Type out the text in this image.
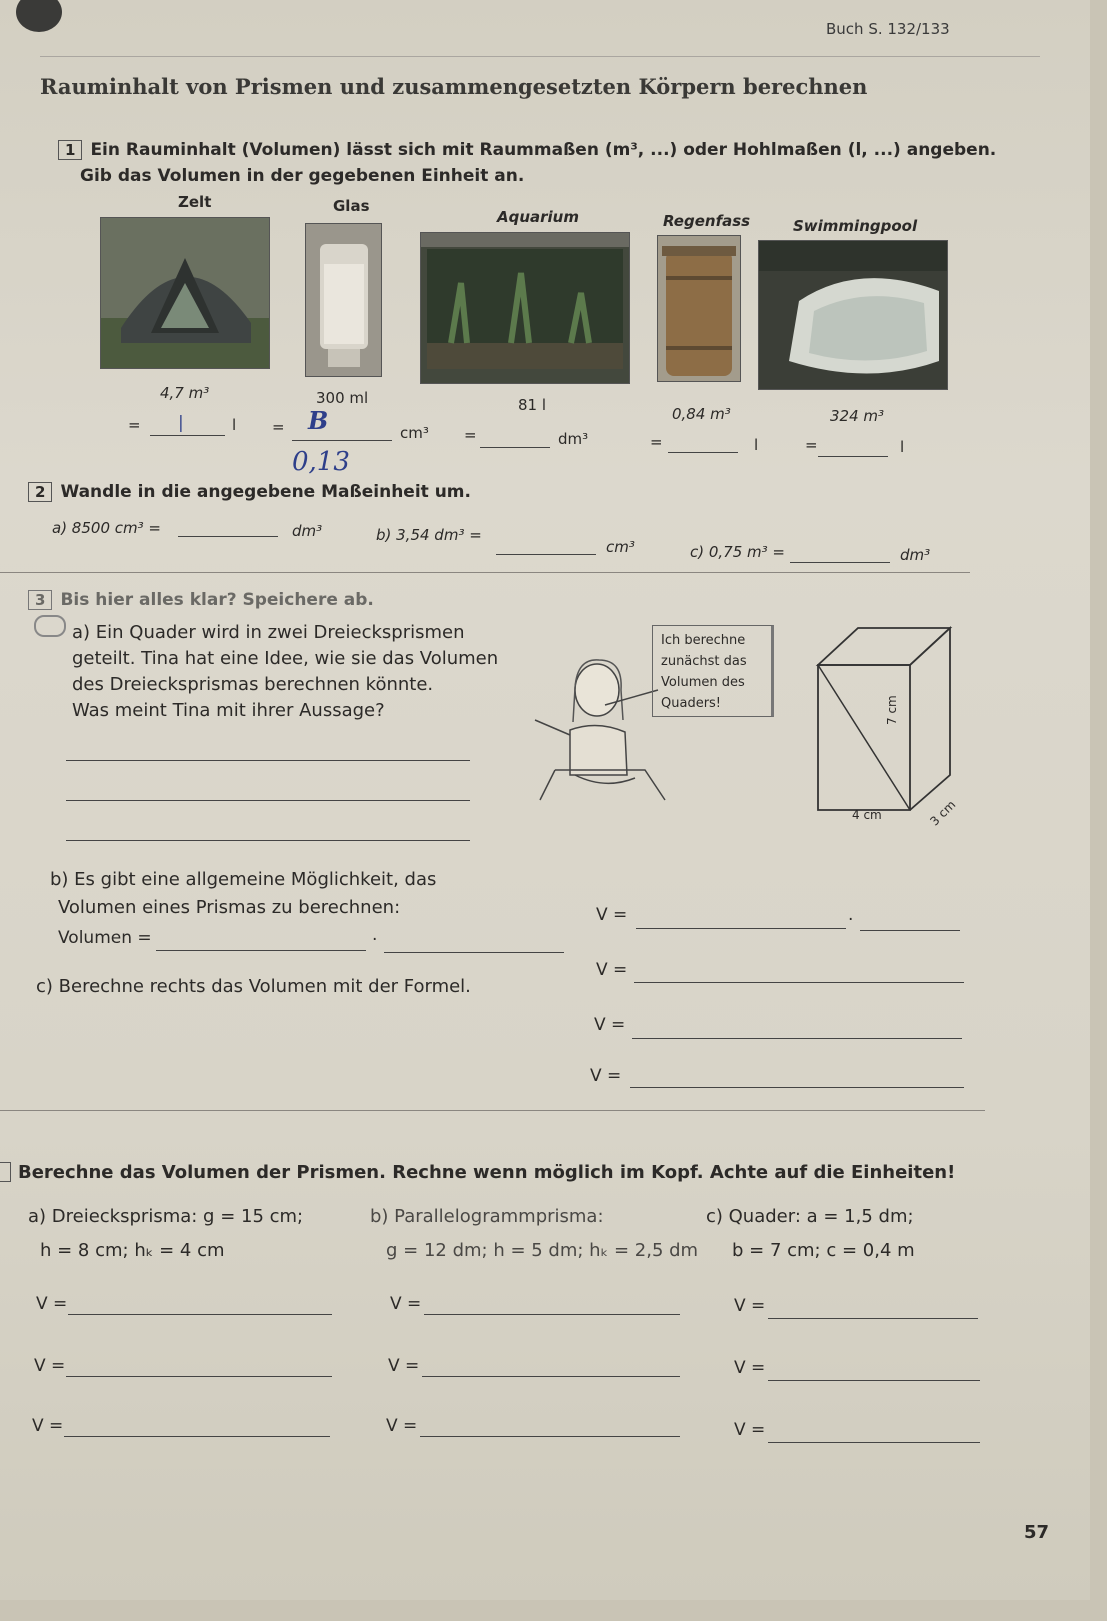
Buch S. 132/133
Rauminhalt von Prismen und zusammengesetzten Körpern berechnen
1 Ein Rauminhalt (Volumen) lässt sich mit Raummaßen (m³, ...) oder Hohlmaßen (l, ...) angeben.
Gib das Volumen in der gegebenen Einheit an.
Zelt	Glas
Aquarium	Regenfass	Swimmingpool
4,7 m³	300 ml	81 l	0,84 m³	324 m³
= |	l = B	cm³ =	dm³	=	l	=	l
0,13
2 Wandle in die angegebene Maßeinheit um.
a) 8500 cm³ =	dm³	b) 3,54 dm³ =
cm³	c) 0,75 m³ =	dm³
3 Bis hier alles klar? Speichere ab.
a) Ein Quader wird in zwei Dreiecksprismen
geteilt. Tina hat eine Idee, wie sie das Volumen
des Dreiecksprismas berechnen könnte.
Was meint Tina mit ihrer Aussage?
Ich berechne
zunächst das
Volumen des
Quaders!	7 cm
4 cm	3 cm
b) Es gibt eine allgemeine Möglichkeit, das
Volumen eines Prismas zu berechnen:
Volumen =	·
V =	·
c) Berechne rechts das Volumen mit der Formel.
V =
V =
V =
Berechne das Volumen der Prismen. Rechne wenn möglich im Kopf. Achte auf die Einheiten!
a) Dreiecksprisma: g = 15 cm;
h = 8 cm; hₖ = 4 cm
b) Parallelogrammprisma:
g = 12 dm; h = 5 dm; hₖ = 2,5 dm
c) Quader: a = 1,5 dm;
b = 7 cm; c = 0,4 m
V =	V =	V =
V =	V =	V =
V =	V =	V =
57
